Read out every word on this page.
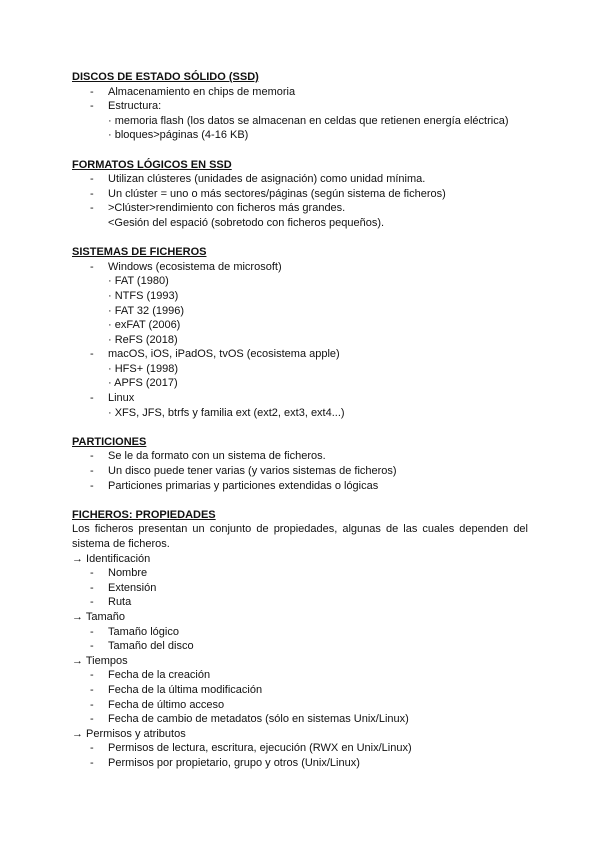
DISCOS DE ESTADO SÓLIDO (SSD)
- Almacenamiento en chips de memoria
- Estructura:
· memoria flash (los datos se almacenan en celdas que retienen energía eléctrica)
· bloques>páginas (4-16 KB)
FORMATOS LÓGICOS EN SSD
- Utilizan clústeres (unidades de asignación) como unidad mínima.
- Un clúster = uno o más sectores/páginas (según sistema de ficheros)
- >Clúster>rendimiento con ficheros más grandes.
<Gesión del espació (sobretodo con ficheros pequeños).
SISTEMAS DE FICHEROS
- Windows (ecosistema de microsoft)
· FAT (1980)
· NTFS (1993)
· FAT 32 (1996)
· exFAT (2006)
· ReFS (2018)
- macOS, iOS, iPadOS, tvOS (ecosistema apple)
· HFS+ (1998)
· APFS (2017)
- Linux
· XFS, JFS, btrfs y familia ext (ext2, ext3, ext4...)
PARTICIONES
- Se le da formato con un sistema de ficheros.
- Un disco puede tener varias (y varios sistemas de ficheros)
- Particiones primarias y particiones extendidas o lógicas
FICHEROS: PROPIEDADES
Los ficheros presentan un conjunto de propiedades, algunas de las cuales dependen del sistema de ficheros.
→ Identificación
- Nombre
- Extensión
- Ruta
→ Tamaño
- Tamaño lógico
- Tamaño del disco
→ Tiempos
- Fecha de la creación
- Fecha de la última modificación
- Fecha de último acceso
- Fecha de cambio de metadatos (sólo en sistemas Unix/Linux)
→ Permisos y atributos
- Permisos de lectura, escritura, ejecución (RWX en Unix/Linux)
- Permisos por propietario, grupo y otros (Unix/Linux)
